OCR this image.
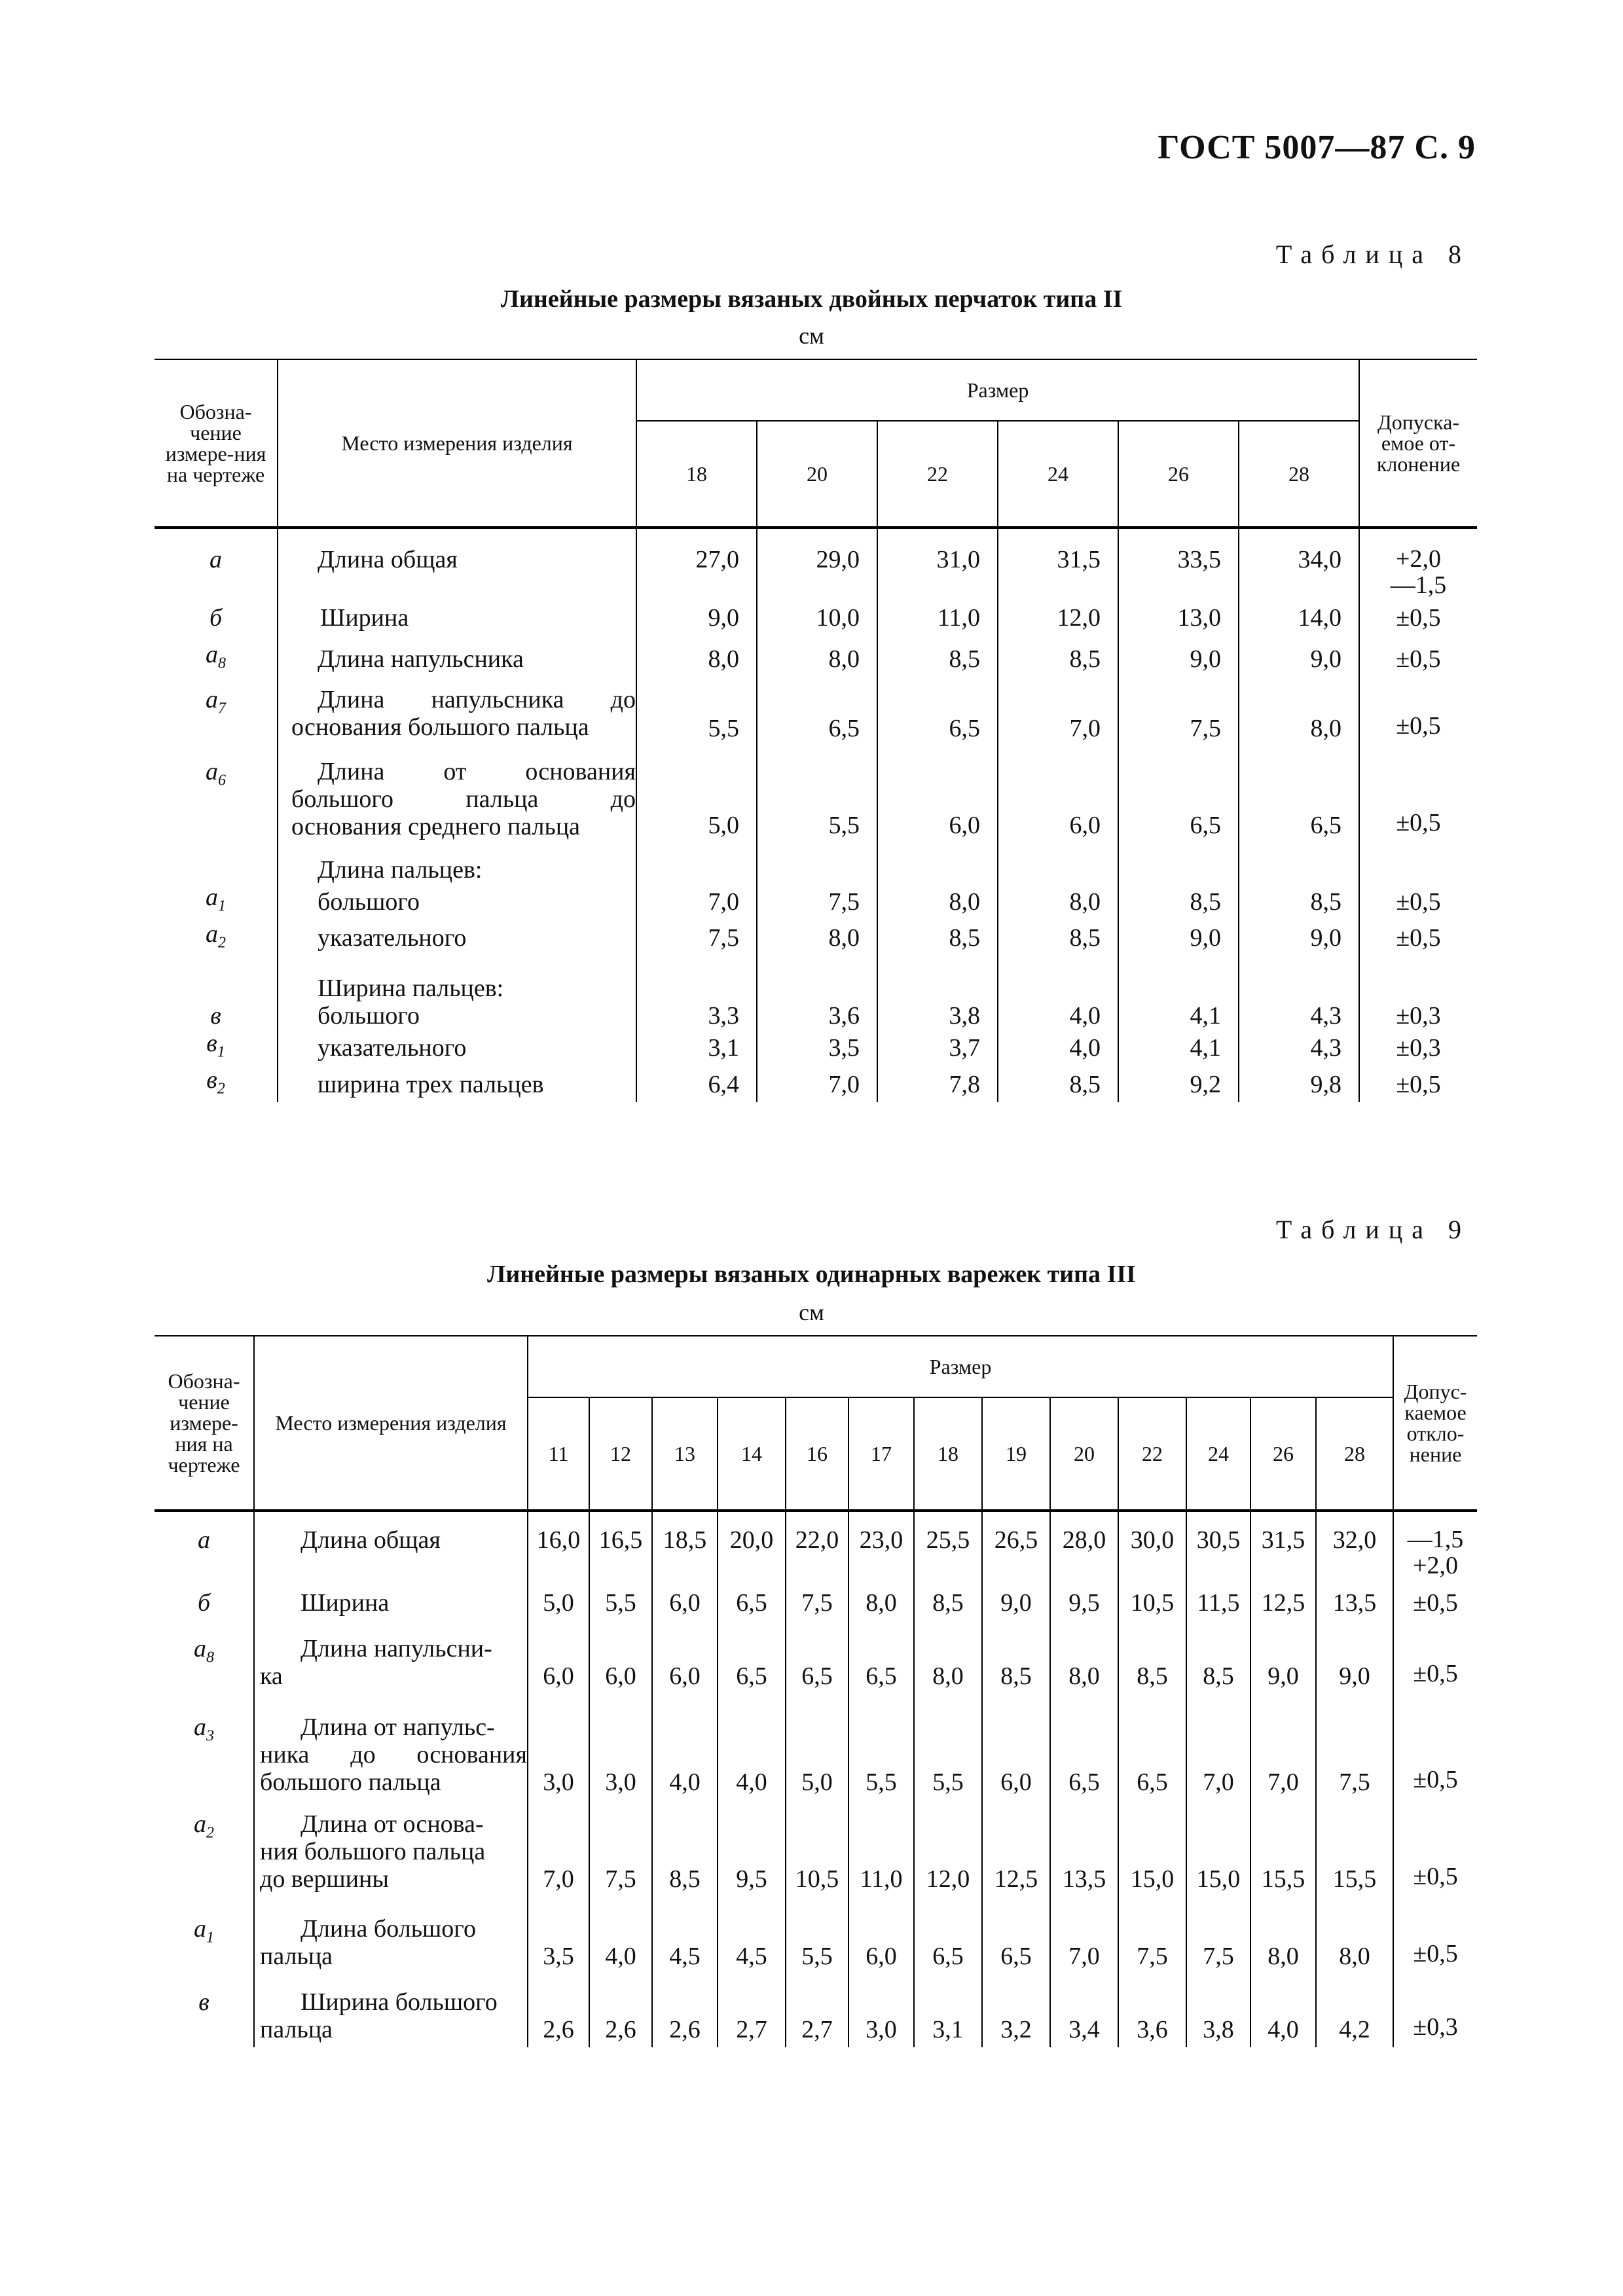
ГОСТ 5007—87 С. 9
Таблица 8
Линейные размеры вязаных двойных перчаток типа II
см
Обозна-чение измере-ния на чертеже	Место измерения изделия	Размер						Допуска-емое от-клонение
		18	20	22	24	26	28	
а	Длина общая	27,0	29,0	31,0	31,5	33,5	34,0	+2,0
—1,5

б	Ширина	9,0	10,0	11,0	12,0	13,0	14,0	±0,5
$а_8$	Длина напульсника	8,0	8,0	8,5	8,5	9,0	9,0	±0,5
$а_7$	Длина напульсника до
основания большого пальца	5,5	6,5	6,5	7,0	7,5	8,0	±0,5
$а_6$	Длина от основания
большого пальца до
основания среднего пальца	5,0	5,5	6,0	6,0	6,5	6,5	±0,5
	Длина пальцев:							
$а_1$	большого	7,0	7,5	8,0	8,0	8,5	8,5	±0,5
$а_2$	указательного	7,5	8,0	8,5	8,5	9,0	9,0	±0,5
	Ширина пальцев:							
в	большого	3,3	3,6	3,8	4,0	4,1	4,3	±0,3
$в_1$	указательного	3,1	3,5	3,7	4,0	4,1	4,3	±0,3
$в_2$	ширина трех пальцев	6,4	7,0	7,8	8,5	9,2	9,8	±0,5
Таблица 9
Линейные размеры вязаных одинарных варежек типа III
см
Обозна-чение измере-ния на чертеже	Место измерения изделия	Размер													Допус-каемое откло-нение
		11	12	13	14	16	17	18	19	20	22	24	26	28	
а	Длина общая	16,0	16,5	18,5	20,0	22,0	23,0	25,5	26,5	28,0	30,0	30,5	31,5	32,0	—1,5
+2,0

б	Ширина	5,0	5,5	6,0	6,5	7,5	8,0	8,5	9,0	9,5	10,5	11,5	12,5	13,5	±0,5
$а_8$	Длина напульсни-
ка	6,0	6,0	6,0	6,5	6,5	6,5	8,0	8,5	8,0	8,5	8,5	9,0	9,0	±0,5
$а_3$	Длина от напульс-
ника до основания
большого пальца	3,0	3,0	4,0	4,0	5,0	5,5	5,5	6,0	6,5	6,5	7,0	7,0	7,5	±0,5
$а_2$	Длина от основа-
ния большого пальца
до вершины	7,0	7,5	8,5	9,5	10,5	11,0	12,0	12,5	13,5	15,0	15,0	15,5	15,5	±0,5
$а_1$	Длина большого
пальца	3,5	4,0	4,5	4,5	5,5	6,0	6,5	6,5	7,0	7,5	7,5	8,0	8,0	±0,5
в	Ширина большого
пальца	2,6	2,6	2,6	2,7	2,7	3,0	3,1	3,2	3,4	3,6	3,8	4,0	4,2	±0,3
